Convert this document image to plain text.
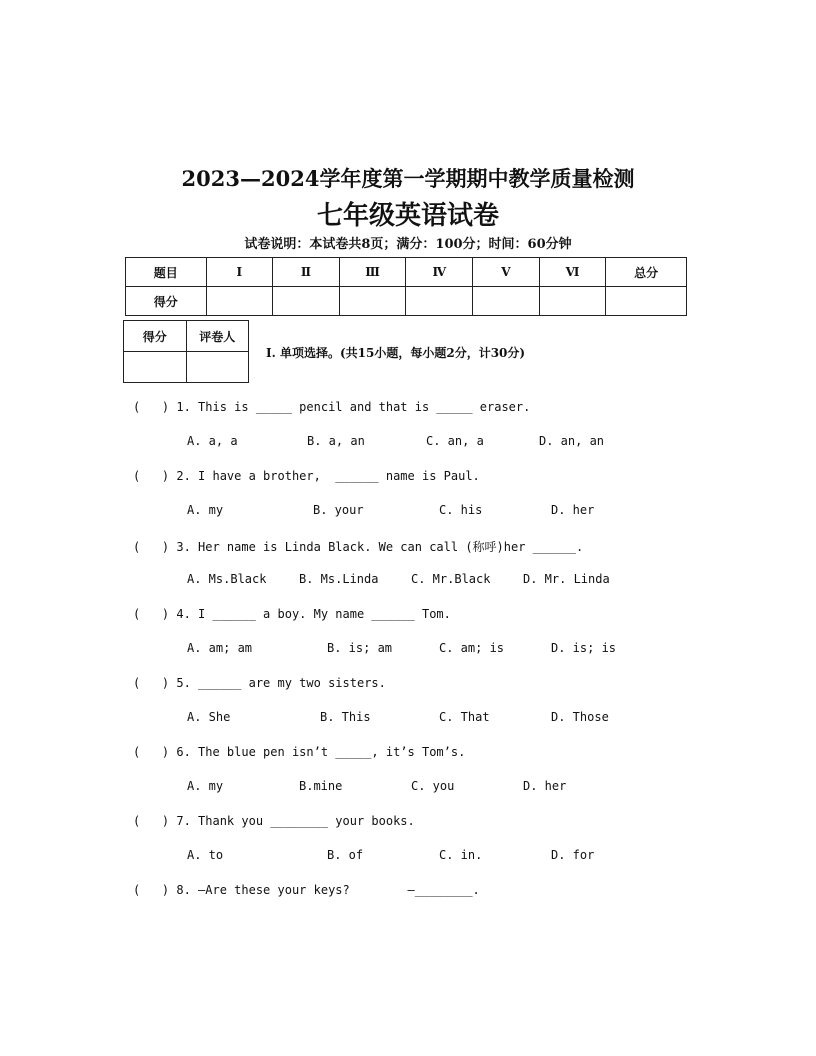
2023—2024学年度第一学期期中教学质量检测
七年级英语试卷
试卷说明：本试卷共8页；满分：100分；时间：60分钟
题目	Ⅰ	Ⅱ	Ⅲ	Ⅳ	Ⅴ	Ⅵ	总分
得分							
得分	评卷人

Ⅰ. 单项选择。(共15小题，每小题2分，计30分)
(   ) 1. This is _____ pencil and that is _____ eraser.
A. a, a	B. a, an	C. an, a	D. an, an
(   ) 2. I have a brother,  ______ name is Paul.
A. my	B. your	C. his	D. her
(   ) 3. Her name is Linda Black. We can call (称呼)her ______.
A. Ms.Black	B. Ms.Linda	C. Mr.Black	D. Mr. Linda
(   ) 4. I ______ a boy. My name ______ Tom.
A. am; am	B. is; am	C. am; is	D. is; is
(   ) 5. ______ are my two sisters.
A. She	B. This	C. That	D. Those
(   ) 6. The blue pen isn’t _____, it’s Tom’s.
A. my	B.mine	C. you	D. her
(   ) 7. Thank you ________ your books.
A. to	B. of	C. in.	D. for
(   ) 8. —Are these your keys?        —________.
